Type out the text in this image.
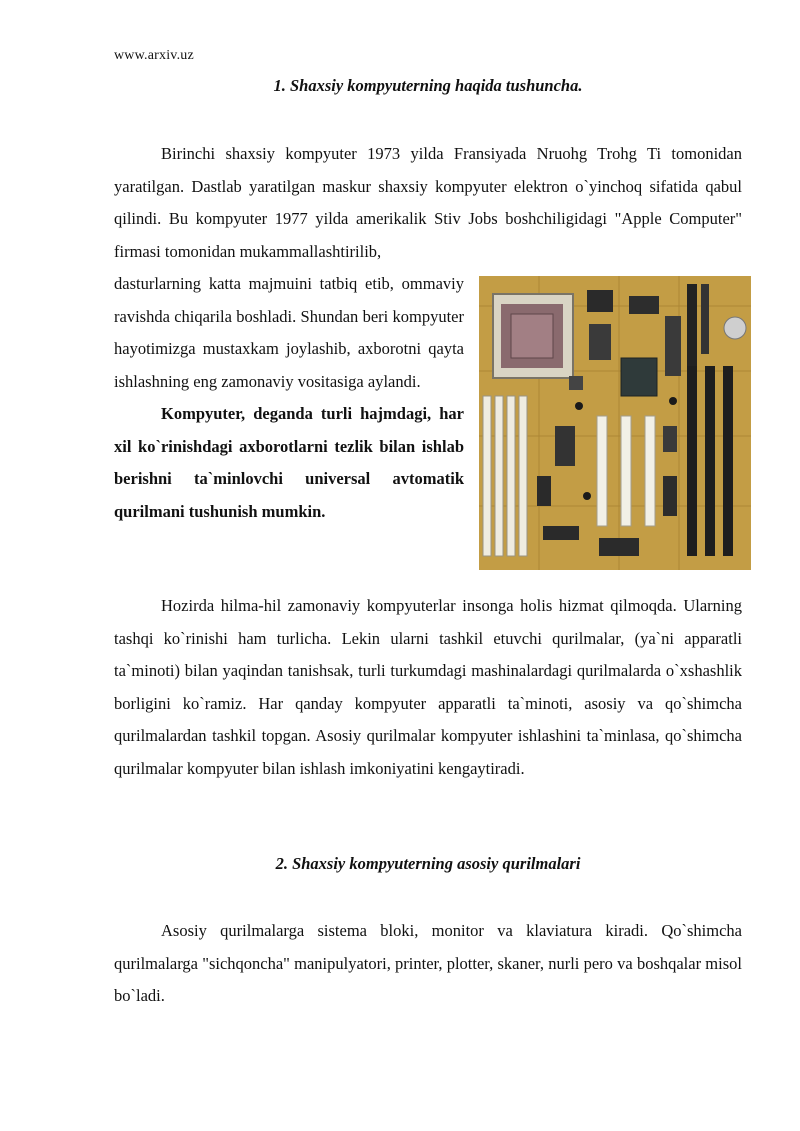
www.arxiv.uz
1. Shaxsiy kompyuterning haqida tushuncha.

Birinchi shaxsiy kompyuter 1973 yilda Fransiyada Nruohg Trohg Ti tomonidan yaratilgan. Dastlab yaratilgan maskur shaxsiy kompyuter elektron o`yinchoq sifatida qabul qilindi. Bu kompyuter 1977 yilda amerikalik Stiv Jobs boshchiligidagi "Apple Computer" firmasi tomonidan mukammallashtirilib,

dasturlarning katta majmuini tatbiq etib, ommaviy ravishda chiqarila boshladi. Shundan beri kompyuter hayotimizga mustaxkam joylashib, axborotni qayta ishlashning eng zamonaviy vositasiga aylandi.

Kompyuter, deganda turli hajmdagi, har xil ko`rinishdagi axborotlarni tezlik bilan ishlab berishni ta`minlovchi universal avtomatik qurilmani tushunish mumkin.

Hozirda hilma-hil zamonaviy kompyuterlar insonga holis hizmat qilmoqda. Ularning tashqi ko`rinishi ham turlicha. Lekin ularni tashkil etuvchi qurilmalar, (ya`ni apparatli ta`minoti) bilan yaqindan tanishsak, turli turkumdagi mashinalardagi qurilmalarda o`xshashlik borligini ko`ramiz. Har qanday kompyuter apparatli ta`minoti, asosiy va qo`shimcha qurilmalardan tashkil topgan. Asosiy qurilmalar kompyuter ishlashini ta`minlasa, qo`shimcha qurilmalar kompyuter bilan ishlash imkoniyatini kengaytiradi.

2. Shaxsiy kompyuterning asosiy qurilmalari

Asosiy qurilmalarga sistema bloki, monitor va klaviatura kiradi. Qo`shimcha qurilmalarga "sichqoncha" manipulyatori, printer, plotter, skaner, nurli pero va boshqalar misol bo`ladi.
